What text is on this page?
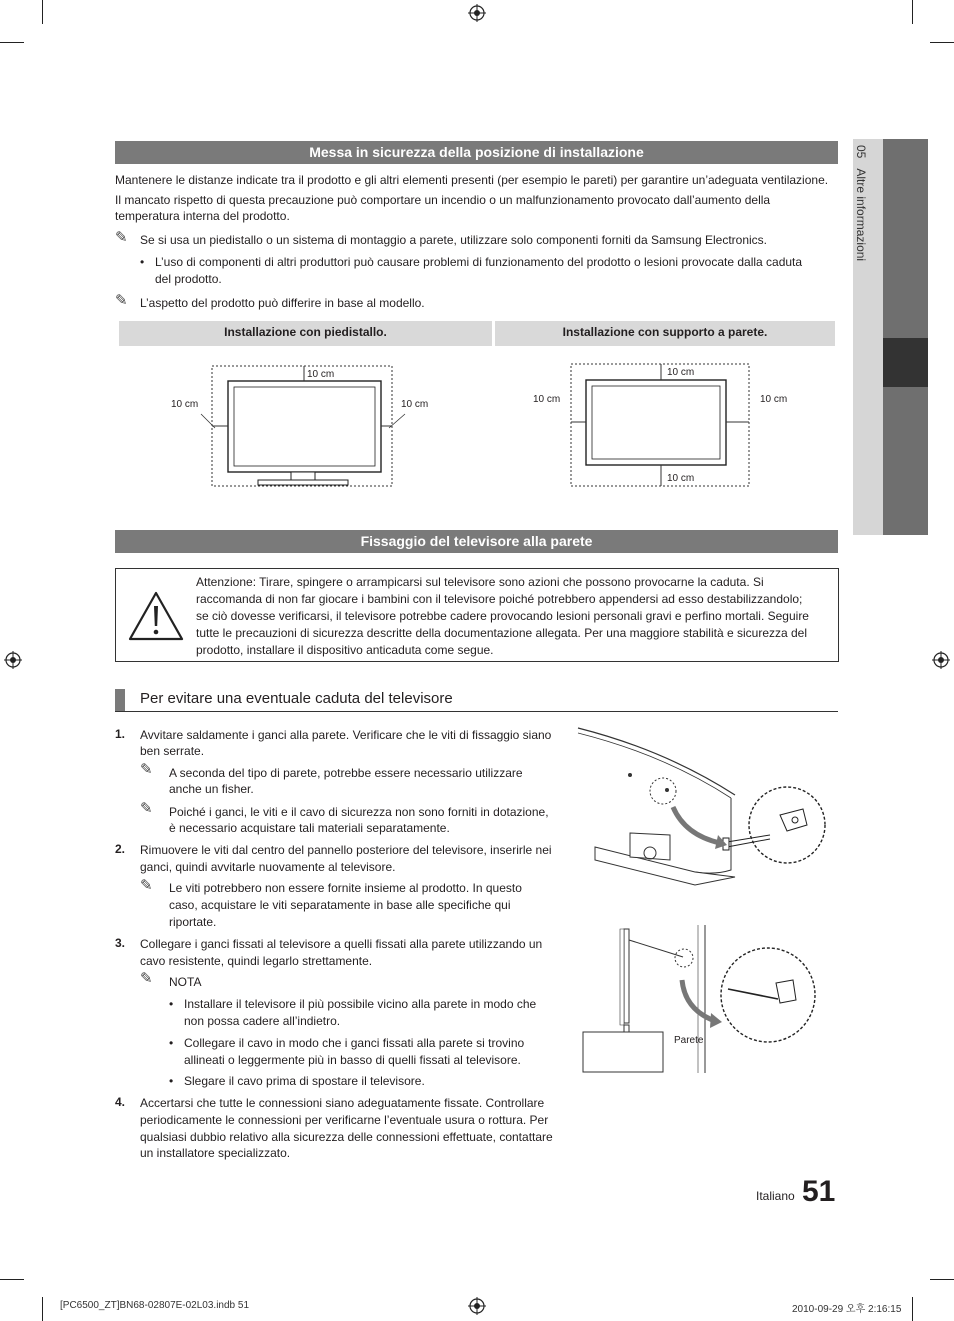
05   Altre informazioni
Messa in sicurezza della posizione di installazione
Mantenere le distanze indicate tra il prodotto e gli altri elementi presenti (per esempio le pareti) per garantire un’adeguata ventilazione.
Il mancato rispetto di questa precauzione può comportare un incendio o un malfunzionamento provocato dall’aumento della
temperatura interna del prodotto.
✎ Se si usa un piedistallo o un sistema di montaggio a parete, utilizzare solo componenti forniti da Samsung Electronics.
• L’uso di componenti di altri produttori può causare problemi di funzionamento del prodotto o lesioni provocate dalla caduta
del prodotto.
✎ L’aspetto del prodotto può differire in base al modello.
Installazione con piedistallo.	Installazione con supporto a parete.
10 cm
10 cm	10 cm
10 cm
10 cm	10 cm
10 cm
Fissaggio del televisore alla parete
Attenzione: Tirare, spingere o arrampicarsi sul televisore sono azioni che possono provocarne la caduta. Si
raccomanda di non far giocare i bambini con il televisore poiché potrebbero appendersi ad esso destabilizzandolo;
se ciò dovesse verificarsi, il televisore potrebbe cadere provocando lesioni personali gravi e perfino mortali. Seguire
tutte le precauzioni di sicurezza descritte della documentazione allegata. Per una maggiore stabilità e sicurezza del
prodotto, installare il dispositivo anticaduta come segue.
Per evitare una eventuale caduta del televisore
1. Avvitare saldamente i ganci alla parete. Verificare che le viti di fissaggio siano
ben serrate.
✎ A seconda del tipo di parete, potrebbe essere necessario utilizzare
anche un fisher.
✎ Poiché i ganci, le viti e il cavo di sicurezza non sono forniti in dotazione,
è necessario acquistare tali materiali separatamente.
2. Rimuovere le viti dal centro del pannello posteriore del televisore, inserirle nei
ganci, quindi avvitarle nuovamente al televisore.
✎ Le viti potrebbero non essere fornite insieme al prodotto. In questo
caso, acquistare le viti separatamente in base alle specifiche qui
riportate.
3. Collegare i ganci fissati al televisore a quelli fissati alla parete utilizzando un
cavo resistente, quindi legarlo strettamente.
✎ NOTA
• Installare il televisore il più possibile vicino alla parete in modo che
non possa cadere all’indietro.
• Collegare il cavo in modo che i ganci fissati alla parete si trovino
allineati o leggermente più in basso di quelli fissati al televisore.
• Slegare il cavo prima di spostare il televisore.
4. Accertarsi che tutte le connessioni siano adeguatamente fissate. Controllare
periodicamente le connessioni per verificarne l’eventuale usura o rottura. Per
qualsiasi dubbio relativo alla sicurezza delle connessioni effettuate, contattare
un installatore specializzato.
Parete
Italiano 51
[PC6500_ZT]BN68-02807E-02L03.indb 51	2010-09-29 오후 2:16:15
